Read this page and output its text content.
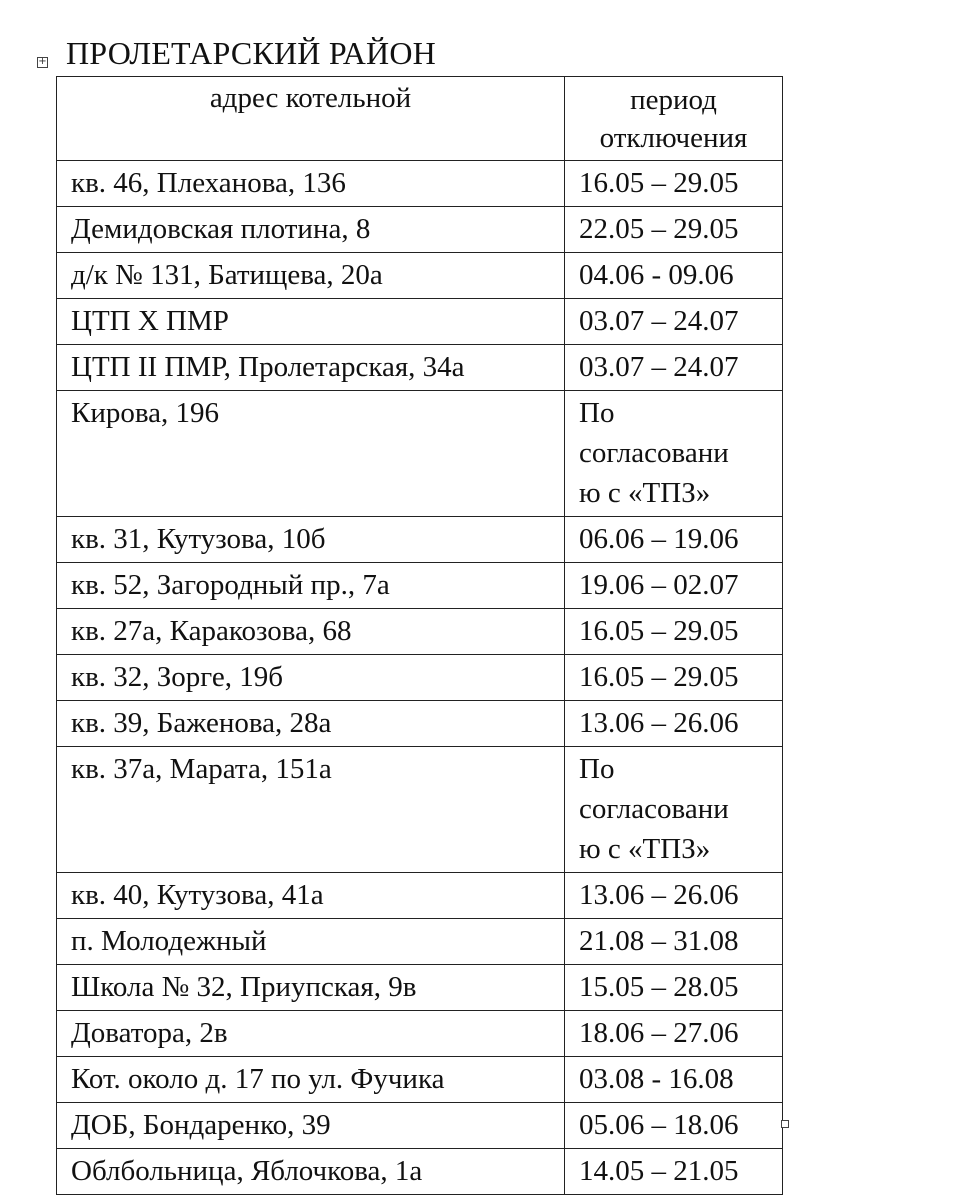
+ ПРОЛЕТАРСКИЙ РАЙОН
адрес котельной	период отключения
кв. 46, Плеханова, 136	16.05 – 29.05
Демидовская плотина, 8	22.05 – 29.05
д/к № 131, Батищева, 20а	04.06 - 09.06
ЦТП X ПМР	03.07 – 24.07
ЦТП II ПМР, Пролетарская, 34а	03.07 – 24.07
Кирова, 196	По
согласовани
ю с «ТПЗ»
кв. 31, Кутузова, 10б	06.06 – 19.06
кв. 52, Загородный пр., 7а	19.06 – 02.07
кв. 27а, Каракозова, 68	16.05 – 29.05
кв. 32, Зорге, 19б	16.05 – 29.05
кв. 39, Баженова, 28а	13.06 – 26.06
кв. 37а, Марата, 151а	По
согласовани
ю с «ТПЗ»
кв. 40, Кутузова, 41а	13.06 – 26.06
п. Молодежный	21.08 – 31.08
Школа № 32, Приупская, 9в	15.05 – 28.05
Доватора, 2в	18.06 – 27.06
Кот. около д. 17 по ул. Фучика	03.08 - 16.08
ДОБ, Бондаренко, 39	05.06 – 18.06
Облбольница, Яблочкова, 1а	14.05 – 21.05
